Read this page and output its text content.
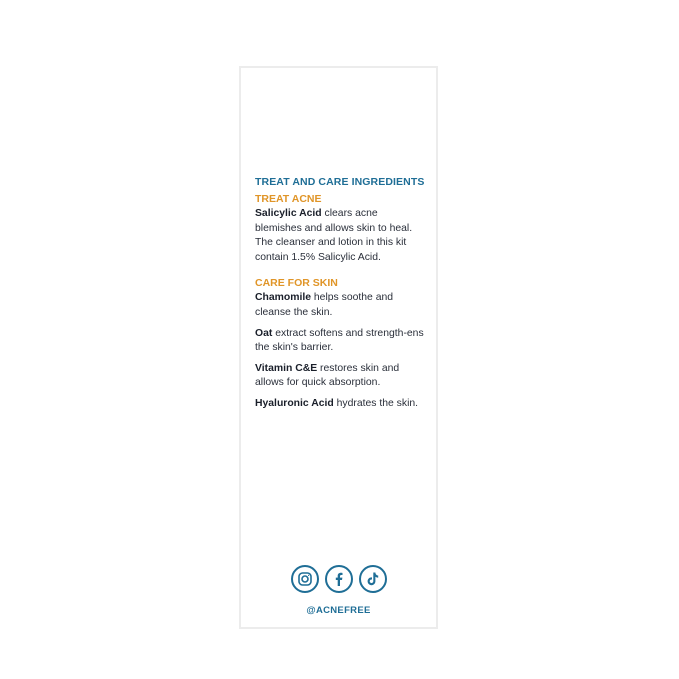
TREAT AND CARE INGREDIENTS
TREAT ACNE

Salicylic Acid clears acne blemishes and allows skin to heal. The cleanser and lotion in this kit contain 1.5% Salicylic Acid.

CARE FOR SKIN

Chamomile helps soothe and cleanse the skin.

Oat extract softens and strength-ens the skin's barrier.

Vitamin C&E restores skin and allows for quick absorption.

Hyaluronic Acid hydrates the skin.

@ACNEFREE
